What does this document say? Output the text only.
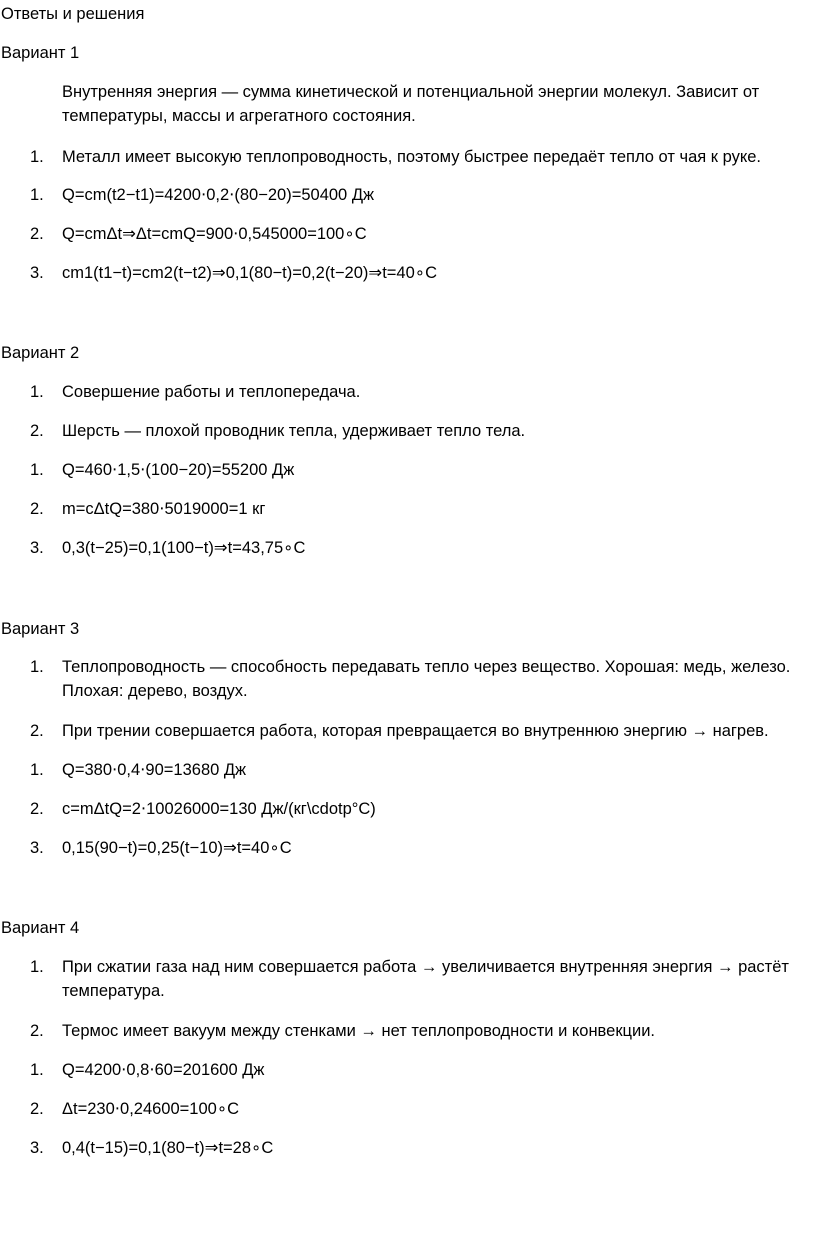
Ответы и решения
Вариант 1
Внутренняя энергия — сумма кинетической и потенциальной энергии молекул. Зависит от температуры, массы и агрегатного состояния.
1.	Металл имеет высокую теплопроводность, поэтому быстрее передаёт тепло от чая к руке.
1.	Q=cm(t2−t1)=4200⋅0,2⋅(80−20)=50400 Дж
2.	Q=cmΔt⇒Δt=cmQ=900⋅0,545000=100∘C
3.	cm1(t1−t)=cm2(t−t2)⇒0,1(80−t)=0,2(t−20)⇒t=40∘C
Вариант 2
1.	Совершение работы и теплопередача.
2.	Шерсть — плохой проводник тепла, удерживает тепло тела.
1.	Q=460⋅1,5⋅(100−20)=55200 Дж
2.	m=cΔtQ=380⋅5019000=1 кг
3.	0,3(t−25)=0,1(100−t)⇒t=43,75∘C
Вариант 3
1.	Теплопроводность — способность передавать тепло через вещество. Хорошая: медь, железо. Плохая: дерево, воздух.
2.	При трении совершается работа, которая превращается во внутреннюю энергию → нагрев.
1.	Q=380⋅0,4⋅90=13680 Дж
2.	c=mΔtQ=2⋅10026000=130 Дж/(кг\cdotp°C)
3.	0,15(90−t)=0,25(t−10)⇒t=40∘C
Вариант 4
1.	При сжатии газа над ним совершается работа → увеличивается внутренняя энергия → растёт температура.
2.	Термос имеет вакуум между стенками → нет теплопроводности и конвекции.
1.	Q=4200⋅0,8⋅60=201600 Дж
2.	Δt=230⋅0,24600=100∘C
3.	0,4(t−15)=0,1(80−t)⇒t=28∘C
